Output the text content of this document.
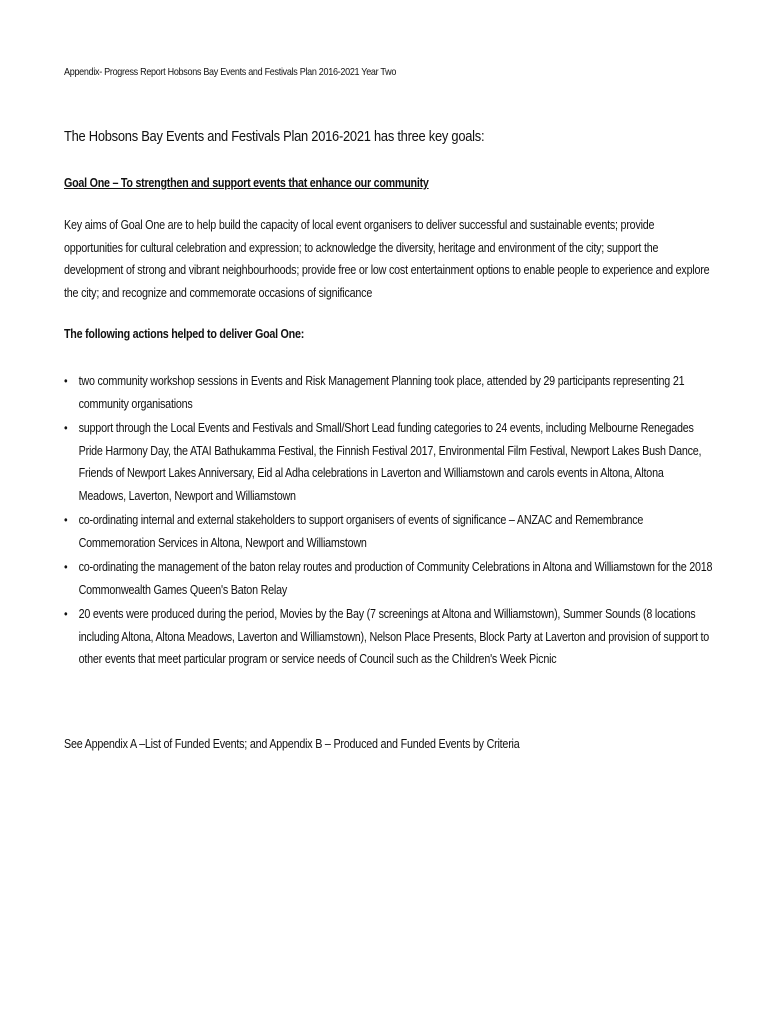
Appendix- Progress Report Hobsons Bay Events and Festivals Plan 2016-2021 Year Two
The Hobsons Bay Events and Festivals Plan 2016-2021 has three key goals:
Goal One – To strengthen and support events that enhance our community
Key aims of Goal One are to help build the capacity of local event organisers to deliver successful and sustainable events; provide opportunities for cultural celebration and expression; to acknowledge the diversity, heritage and environment of the city; support the development of strong and vibrant neighbourhoods; provide free or low cost entertainment options to enable people to experience and explore the city; and recognize and commemorate occasions of significance
The following actions helped to deliver Goal One:
• two community workshop sessions in Events and Risk Management Planning took place, attended by 29 participants representing 21 community organisations
• support through the Local Events and Festivals and Small/Short Lead funding categories to 24 events, including Melbourne Renegades Pride Harmony Day, the ATAI Bathukamma Festival, the Finnish Festival 2017, Environmental Film Festival, Newport Lakes Bush Dance, Friends of Newport Lakes Anniversary, Eid al Adha celebrations in Laverton and Williamstown and carols events in Altona, Altona Meadows, Laverton, Newport and Williamstown
• co-ordinating internal and external stakeholders to support organisers of events of significance – ANZAC and Remembrance Commemoration Services in Altona, Newport and Williamstown
• co-ordinating the management of the baton relay routes and production of Community Celebrations in Altona and Williamstown for the 2018 Commonwealth Games Queen's Baton Relay
• 20 events were produced during the period, Movies by the Bay (7 screenings at Altona and Williamstown), Summer Sounds (8 locations including Altona, Altona Meadows, Laverton and Williamstown), Nelson Place Presents, Block Party at Laverton and provision of support to other events that meet particular program or service needs of Council such as the Children's Week Picnic
See Appendix A –List of Funded Events; and Appendix B – Produced and Funded Events by Criteria
